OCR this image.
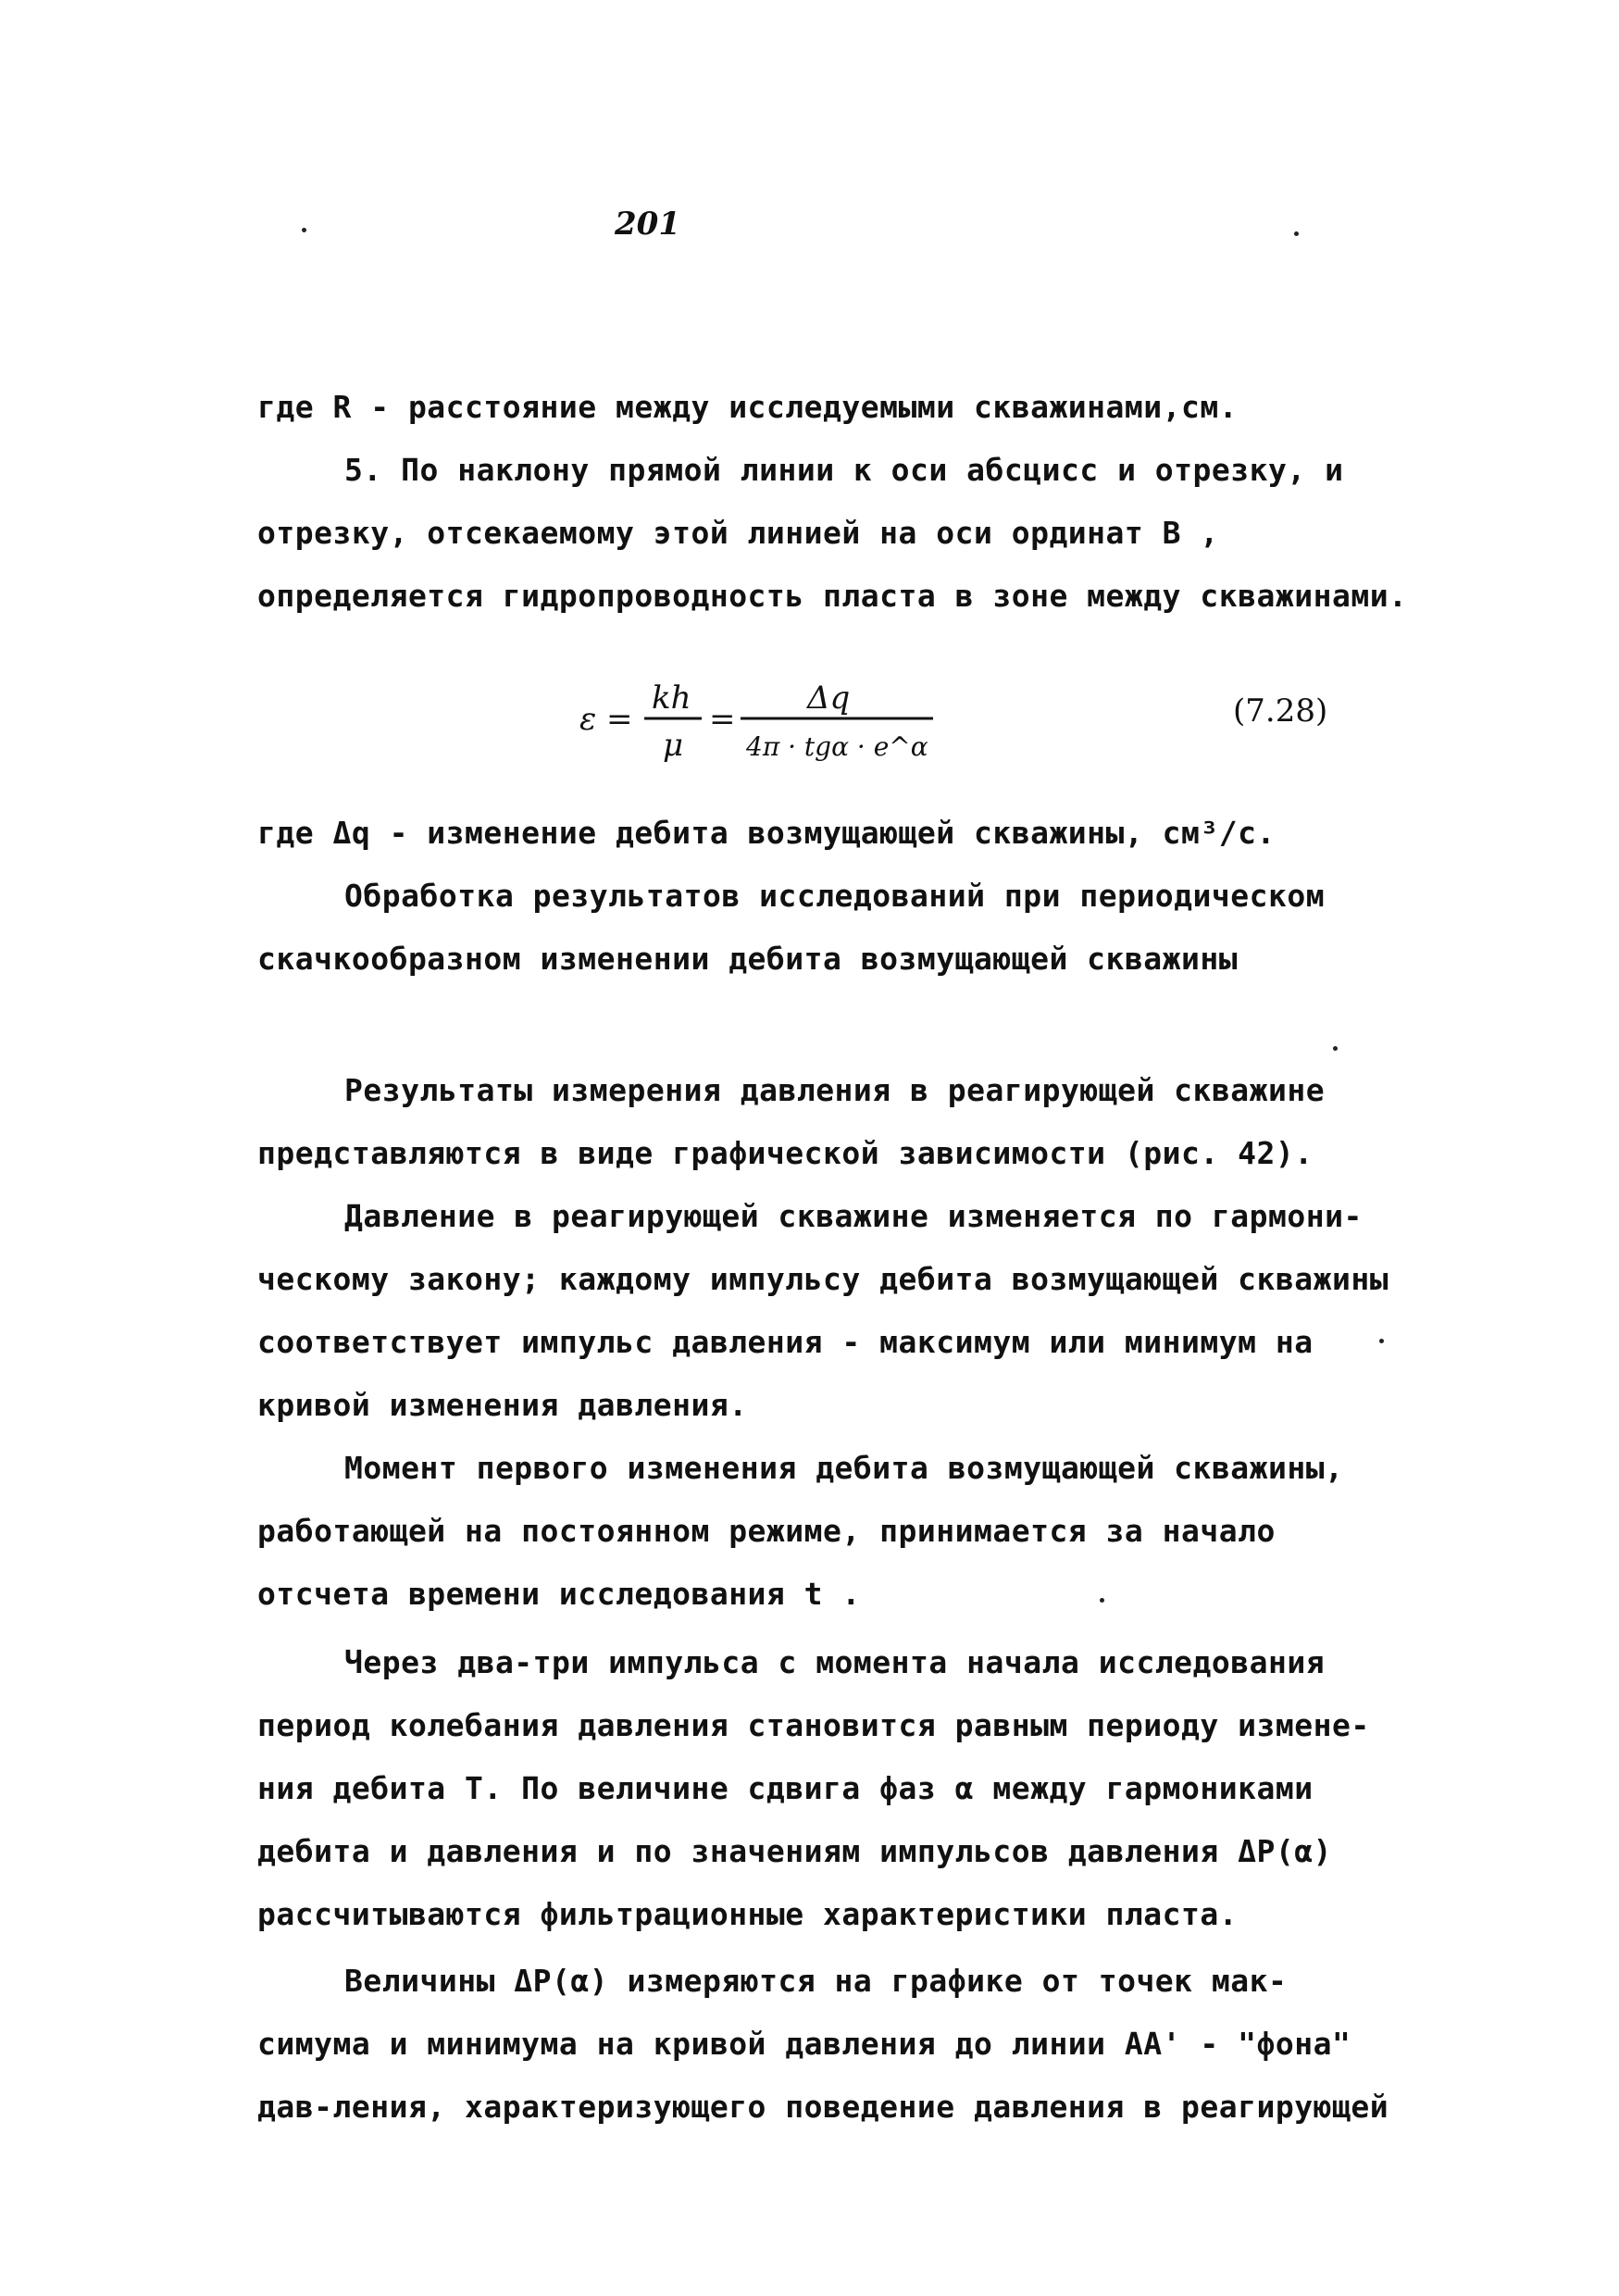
201
где R - расстояние между исследуемыми скважинами,см.
5. По наклону прямой линии к оси абсцисс и отрезку, и
отрезку, отсекаемому этой линией на оси ординат B ,
определяется гидропроводность пласта в зоне между скважинами.
ε =
kh
μ
=
Δq
4π · tgα · e^α
(7.28)
где Δq - изменение дебита возмущающей скважины, см³/с.
Обработка результатов исследований при периодическом
скачкообразном изменении дебита возмущающей скважины
Результаты измерения давления в реагирующей скважине
представляются в виде графической зависимости (рис. 42).
Давление в реагирующей скважине изменяется по гармони-
ческому закону; каждому импульсу дебита возмущающей скважины
соответствует импульс давления - максимум или минимум на
кривой изменения давления.
Момент первого изменения дебита возмущающей скважины,
работающей на постоянном режиме, принимается за начало
отсчета времени исследования t .
Через два-три импульса с момента начала исследования
период колебания давления становится равным периоду измене-
ния дебита Т. По величине сдвига фаз α между гармониками
дебита и давления и по значениям импульсов давления ΔP(α)
рассчитываются фильтрационные характеристики пласта.
Величины ΔP(α) измеряются на графике от точек мак-
симума и минимума на кривой давления до линии АА' - "фона"
дав-ления, характеризующего поведение давления в реагирующей
